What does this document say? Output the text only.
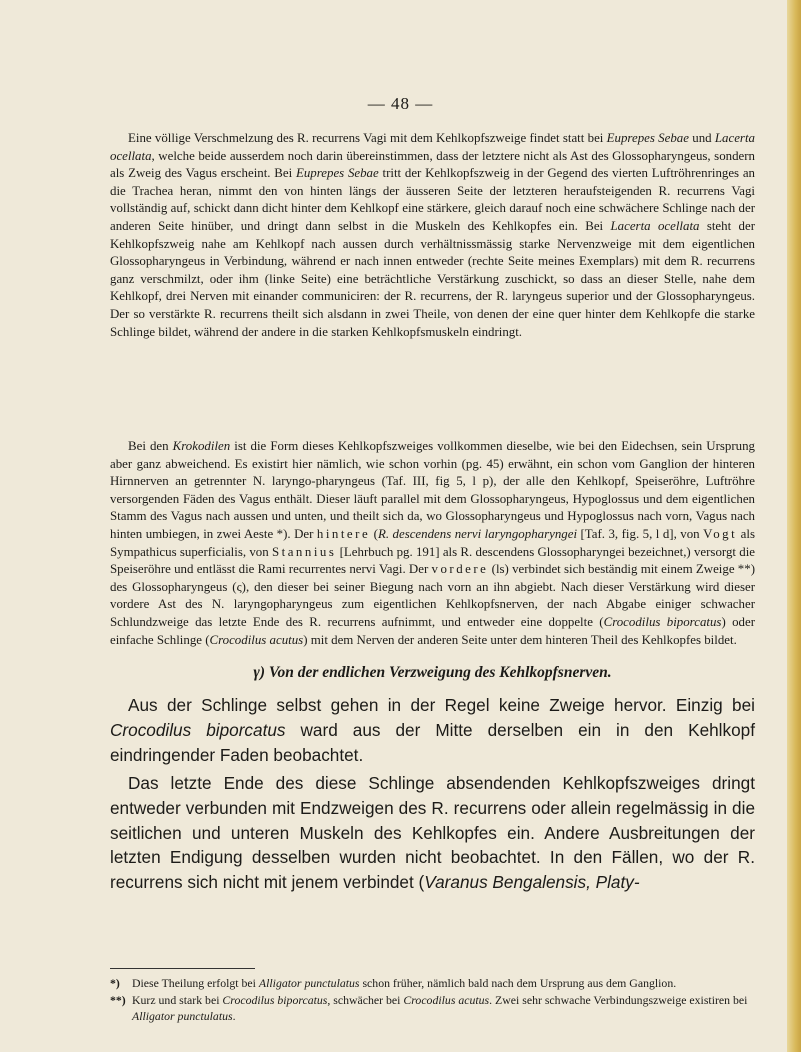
— 48 —

Eine völlige Verschmelzung des R. recurrens Vagi mit dem Kehlkopfszweige findet statt bei Euprepes Sebae und Lacerta ocellata, welche beide ausserdem noch darin übereinstimmen, dass der letztere nicht als Ast des Glossopharyngeus, sondern als Zweig des Vagus erscheint. Bei Euprepes Sebae tritt der Kehlkopfszweig in der Gegend des vierten Luftröhrenringes an die Trachea heran, nimmt den von hinten längs der äusseren Seite der letzteren heraufsteigenden R. recurrens Vagi vollständig auf, schickt dann dicht hinter dem Kehlkopf eine stärkere, gleich darauf noch eine schwächere Schlinge nach der anderen Seite hinüber, und dringt dann selbst in die Muskeln des Kehlkopfes ein. Bei Lacerta ocellata steht der Kehlkopfszweig nahe am Kehlkopf nach aussen durch verhältnissmässig starke Nervenzweige mit dem eigentlichen Glossopharyngeus in Verbindung, während er nach innen entweder (rechte Seite meines Exemplars) mit dem R. recurrens ganz verschmilzt, oder ihm (linke Seite) eine beträchtliche Verstärkung zuschickt, so dass an dieser Stelle, nahe dem Kehlkopf, drei Nerven mit einander communiciren: der R. recurrens, der R. laryngeus superior und der Glossopharyngeus. Der so verstärkte R. recurrens theilt sich alsdann in zwei Theile, von denen der eine quer hinter dem Kehlkopfe die starke Schlinge bildet, während der andere in die starken Kehlkopfsmuskeln eindringt.

Bei den Krokodilen ist die Form dieses Kehlkopfszweiges vollkommen dieselbe, wie bei den Eidechsen, sein Ursprung aber ganz abweichend. Es existirt hier nämlich, wie schon vorhin (pg. 45) erwähnt, ein schon vom Ganglion der hinteren Hirnnerven an getrennter N. laryngo-pharyngeus (Taf. III, fig 5, l p), der alle den Kehlkopf, Speiseröhre, Luftröhre versorgenden Fäden des Vagus enthält. Dieser läuft parallel mit dem Glossopharyngeus, Hypoglossus und dem eigentlichen Stamm des Vagus nach aussen und unten, und theilt sich da, wo Glossopharyngeus und Hypoglossus nach vorn, Vagus nach hinten umbiegen, in zwei Aeste *). Der hintere (R. descendens nervi laryngopharyngei [Taf. 3, fig. 5, l d], von Vogt als Sympathicus superficialis, von Stannius [Lehrbuch pg. 191] als R. descendens Glossopharyngei bezeichnet,) versorgt die Speiseröhre und entlässt die Rami recurrentes nervi Vagi. Der vordere (ls) verbindet sich beständig mit einem Zweige **) des Glossopharyngeus (ς), den dieser bei seiner Biegung nach vorn an ihn abgiebt. Nach dieser Verstärkung wird dieser vordere Ast des N. laryngopharyngeus zum eigentlichen Kehlkopfsnerven, der nach Abgabe einiger schwacher Schlundzweige das letzte Ende des R. recurrens aufnimmt, und entweder eine doppelte (Crocodilus biporcatus) oder einfache Schlinge (Crocodilus acutus) mit dem Nerven der anderen Seite unter dem hinteren Theil des Kehlkopfes bildet.

γ) Von der endlichen Verzweigung des Kehlkopfsnerven.

Aus der Schlinge selbst gehen in der Regel keine Zweige hervor. Einzig bei Crocodilus biporcatus ward aus der Mitte derselben ein in den Kehlkopf eindringender Faden beobachtet.

Das letzte Ende des diese Schlinge absendenden Kehlkopfszweiges dringt entweder verbunden mit Endzweigen des R. recurrens oder allein regelmässig in die seitlichen und unteren Muskeln des Kehlkopfes ein. Andere Ausbreitungen der letzten Endigung desselben wurden nicht beobachtet. In den Fällen, wo der R. recurrens sich nicht mit jenem verbindet (Varanus Bengalensis, Platy-

*) Diese Theilung erfolgt bei Alligator punctulatus schon früher, nämlich bald nach dem Ursprung aus dem Ganglion.

**) Kurz und stark bei Crocodilus biporcatus, schwächer bei Crocodilus acutus. Zwei sehr schwache Verbindungszweige existiren bei Alligator punctulatus.
